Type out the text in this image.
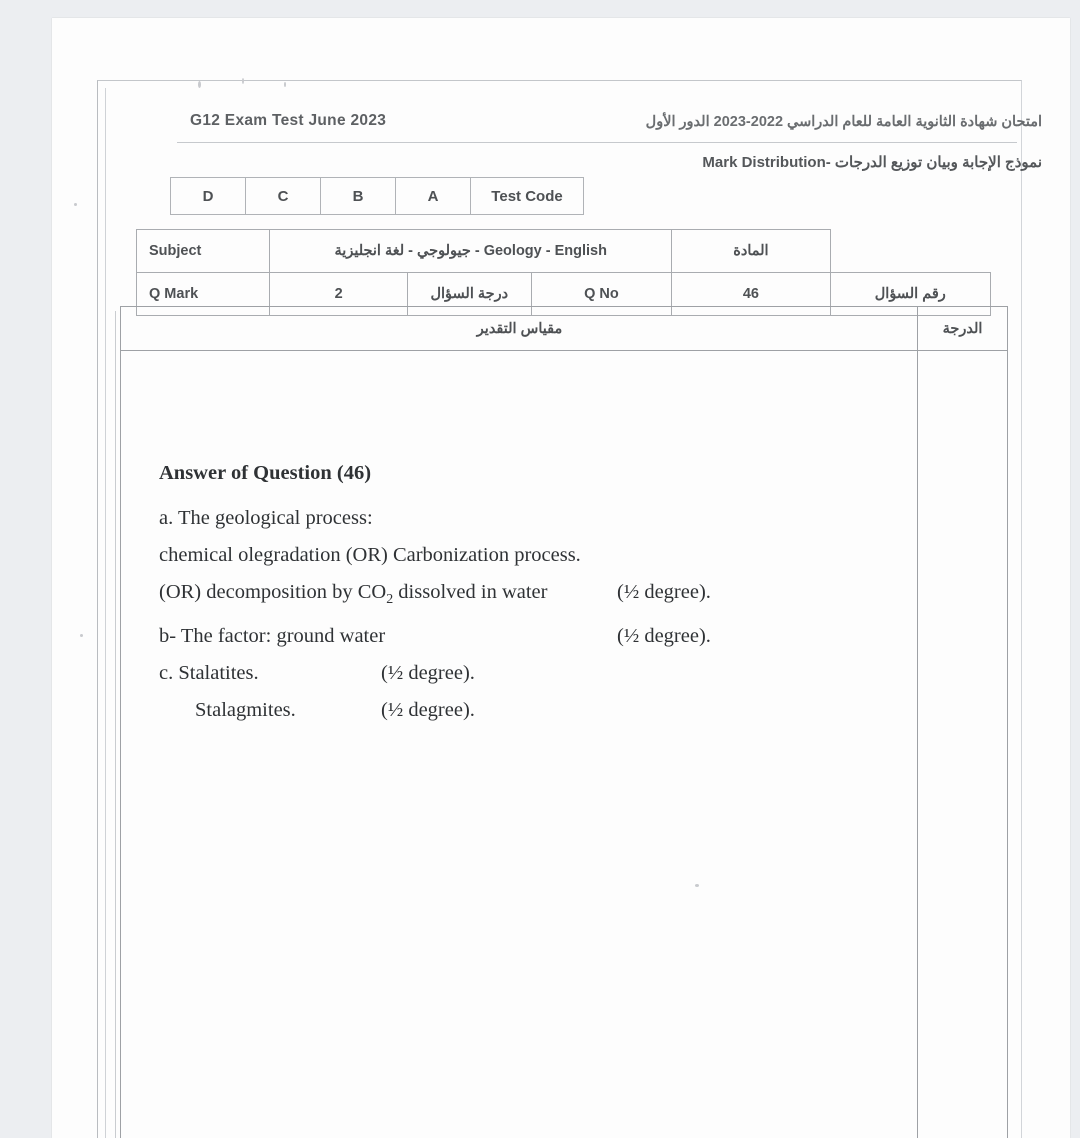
G12 Exam Test June 2023	امتحان شهادة الثانوية العامة للعام الدراسي 2022-2023 الدور الأول
نموذج الإجابة وبيان توزيع الدرجات -Mark Distribution
D	C	B	A	Test Code
Subject	جيولوجي - لغة انجليزية - Geology - English			المادة	
Q Mark	2	درجة السؤال	Q No	46	رقم السؤال
مقياس التقدير	الدرجة
Answer of Question (46)
a. The geological process:
chemical olegradation (OR) Carbonization process.
(OR) decomposition by $CO_2$ dissolved in water	(½ degree).
b- The factor: ground water	(½ degree).
c. Stalatites.	(½ degree).
Stalagmites.	(½ degree).
